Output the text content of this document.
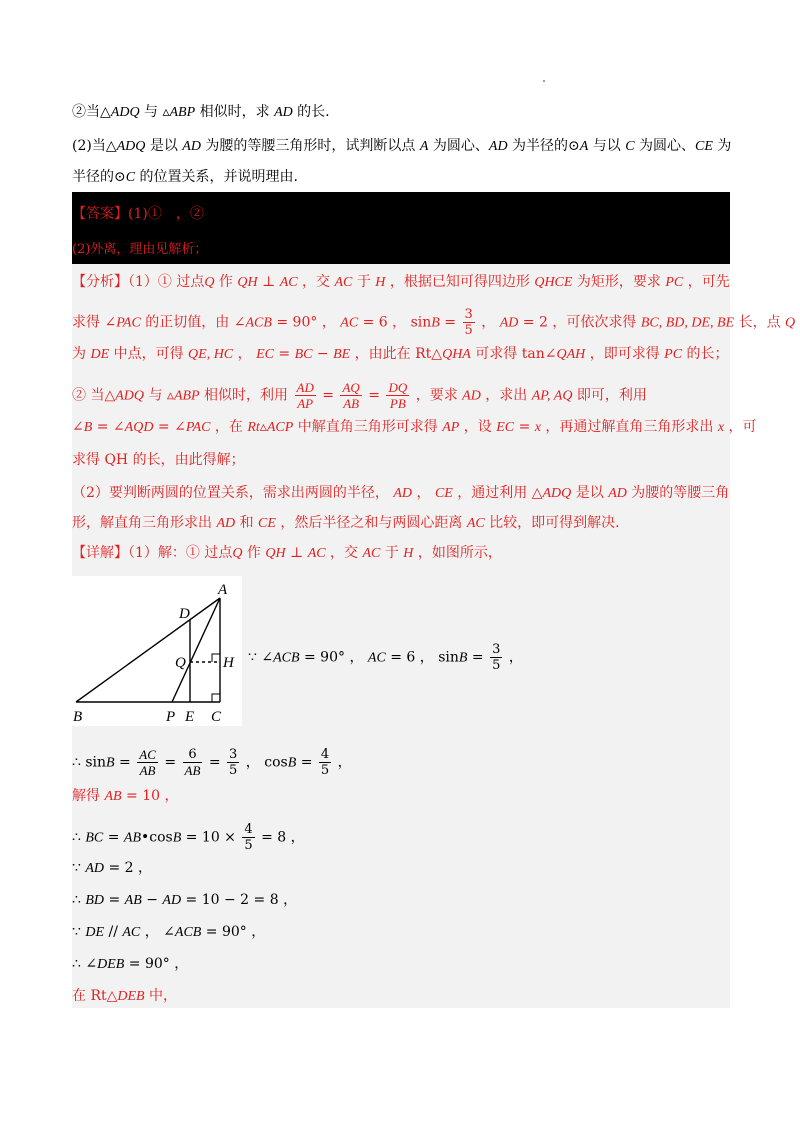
②当△ADQ 与 ▵ABP 相似时，求 AD 的长.
(2)当△ADQ 是以 AD 为腰的等腰三角形时，试判断以点 A 为圆心、AD 为半径的⊙A 与以 C 为圆心、CE 为
半径的⊙C 的位置关系，并说明理由.
【答案】(1)①　，②
(2)外离，理由见解析；
【分析】（1）① 过点Q 作 QH ⊥ AC ，交 AC 于 H ，根据已知可得四边形 QHCE 为矩形，要求 PC ，可先
求得 ∠PAC 的正切值，由 ∠ACB = 90° ， AC = 6 ， $\sin B = \frac{3}{5}$ ， AD = 2 ，可依次求得 BC, BD, DE, BE 长，点 Q
为 DE 中点，可得 QE, HC ， EC = BC − BE ，由此在 Rt△QHA 可求得 tan∠QAH ，即可求得 PC 的长；
② 当△ADQ 与 ▵ABP 相似时，利用 $\frac{AD}{AP} = \frac{AQ}{AB} = \frac{DQ}{PB}$ ，要求 AD ，求出 AP, AQ 即可，利用
∠B = ∠AQD = ∠PAC ，在 Rt▵ACP 中解直角三角形可求得 AP ，设 EC = x ，再通过解直角三角形求出 x ，可
求得 QH 的长，由此得解；
（2）要判断两圆的位置关系，需求出两圆的半径， AD ， CE ，通过利用 △ADQ 是以 AD 为腰的等腰三角
形，解直角三角形求出 AD 和 CE ，然后半径之和与两圆心距离 AC 比较，即可得到解决.
【详解】（1）解：① 过点Q 作 QH ⊥ AC ，交 AC 于 H ，如图所示，
A
D
Q H
B	P E C
∵ ∠ACB = 90° ， AC = 6 ， $\sin B = \frac{3}{5}$ ，
∴ $\sin B = \frac{AC}{AB} = \frac{6}{AB} = \frac{3}{5}$ ， $\cos B = \frac{4}{5}$ ，
解得 AB = 10 ，
∴ BC = AB•cosB = $10 \times \frac{4}{5} = 8$ ，
∵ AD = 2 ，
∴ BD = AB − AD = 10 − 2 = 8 ，
∵ DE // AC ， ∠ACB = 90° ，
∴ ∠DEB = 90° ，
在 Rt△DEB 中，
